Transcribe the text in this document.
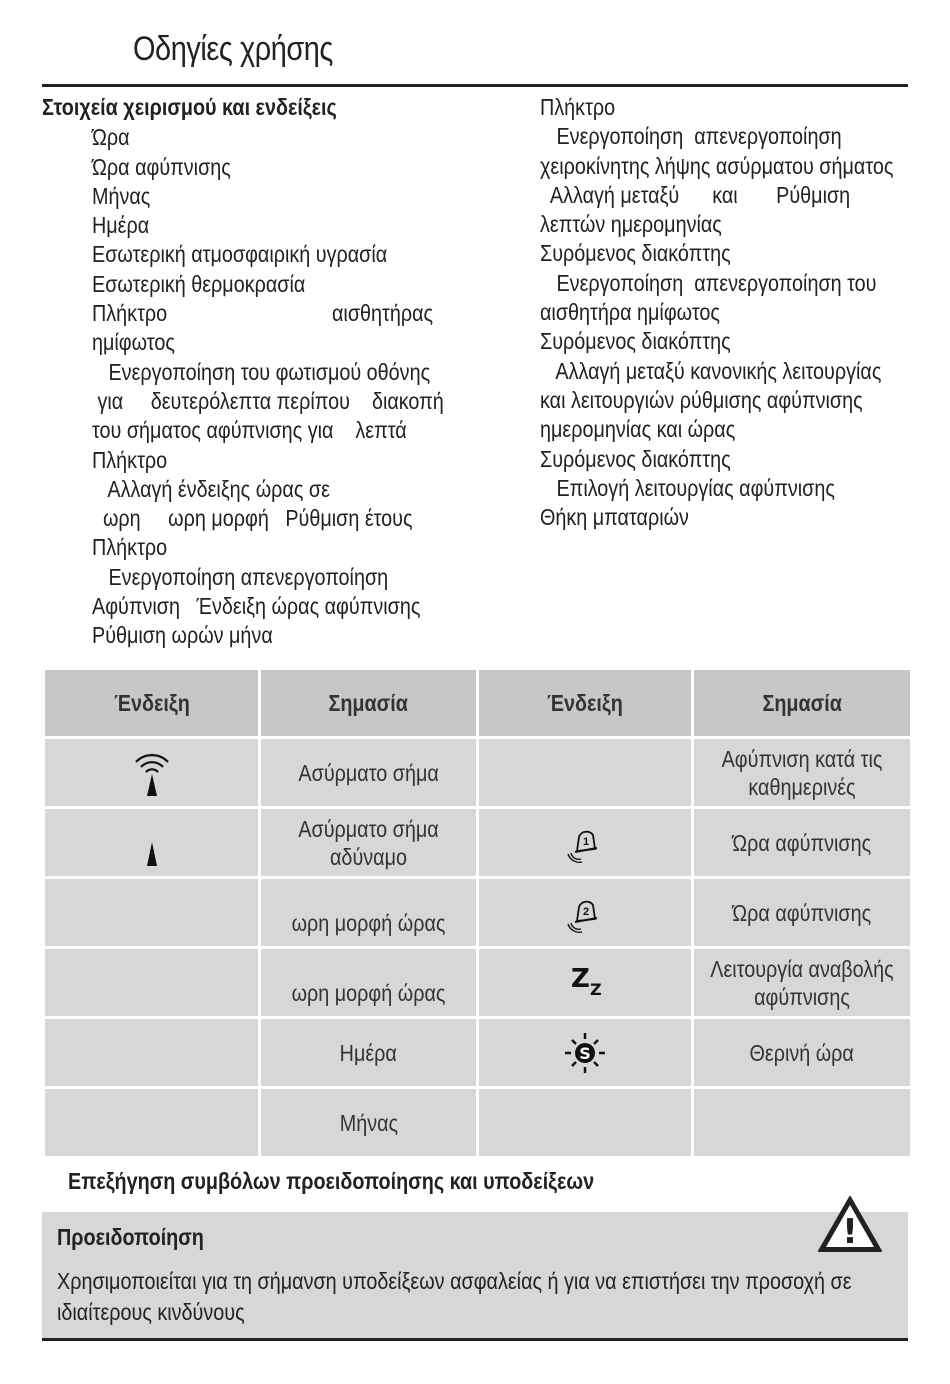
Οδηγίες χρήσης
Στοιχεία χειρισμού και ενδείξεις
Ώρα
Ώρα αφύπνισης
Μήνας
Ημέρα
Εσωτερική ατμοσφαιρική υγρασία
Εσωτερική θερμοκρασία
Πλήκτρο                              αισθητήρας
ημίφωτος
Ενεργοποίηση του φωτισμού οθόνης
για     δευτερόλεπτα περίπου    διακοπή
του σήματος αφύπνισης για    λεπτά
Πλήκτρο
Αλλαγή ένδειξης ώρας σε
ωρη     ωρη μορφή   Ρύθμιση έτους
Πλήκτρο
Ενεργοποίηση απενεργοποίηση
Αφύπνιση   Ένδειξη ώρας αφύπνισης
Ρύθμιση ωρών μήνα
Πλήκτρο
Ενεργοποίηση  απενεργοποίηση
χειροκίνητης λήψης ασύρματου σήματος
Αλλαγή μεταξύ      και       Ρύθμιση
λεπτών ημερομηνίας
Συρόμενος διακόπτης
Ενεργοποίηση  απενεργοποίηση του
αισθητήρα ημίφωτος
Συρόμενος διακόπτης
Αλλαγή μεταξύ κανονικής λειτουργίας
και λειτουργιών ρύθμισης αφύπνισης
ημερομηνίας και ώρας
Συρόμενος διακόπτης
Επιλογή λειτουργίας αφύπνισης
Θήκη μπαταριών
Ένδειξη	Σημασία	Ένδειξη	Σημασία
	Ασύρματο σήμα		Αφύπνιση κατά τις καθημερινές
	Ασύρματο σήμα αδύναμο	1	Ώρα αφύπνισης

	ωρη μορφή ώρας	2	Ώρα αφύπνισης

	ωρη μορφή ώρας	Z Z	Λειτουργία αναβολής αφύπνισης
	Ημέρα	S	Θερινή ώρα
	Μήνας		
Επεξήγηση συμβόλων προειδοποίησης και υποδείξεων
Προειδοποίηση	!
Χρησιμοποιείται για τη σήμανση υποδείξεων ασφαλείας ή για να επιστήσει την προσοχή σε ιδιαίτερους κινδύνους
